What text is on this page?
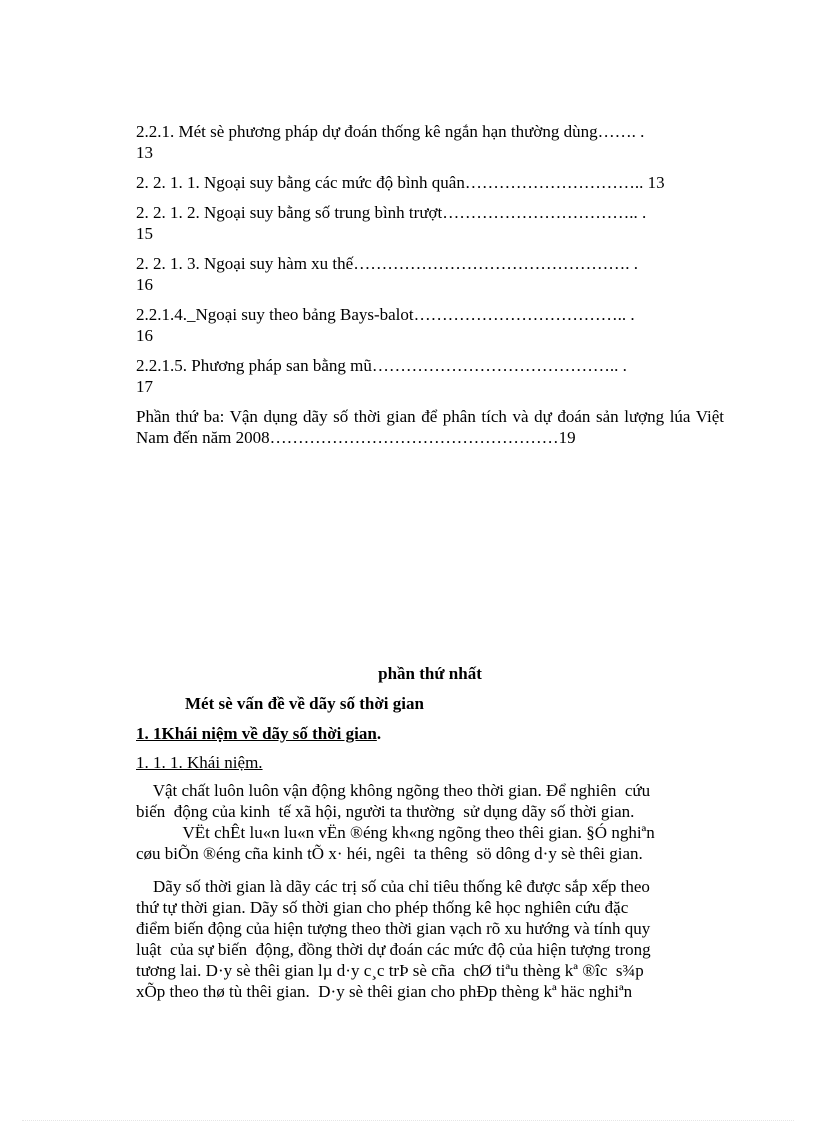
2.2.1. Mét sè phương pháp dự đoán thống kê ngắn hạn thường dùng……. .
13
2. 2. 1. 1. Ngoại suy bằng các mức độ bình quân………………………….. 13
2. 2. 1. 2. Ngoại suy bằng số trung bình trượt…………………………….. .
15
2. 2. 1. 3. Ngoại suy hàm xu thế…………………………………………. .
16
2.2.1.4._Ngoại suy theo bảng Bays-balot……………………………….. .
16
2.2.1.5. Phương pháp san bằng mũ…………………………………….. .
17
Phần thứ ba: Vận dụng dãy số thời gian để phân tích và dự đoán sản lượng lúa Việt Nam đến năm 2008……………………………………………19
phần thứ nhất
Mét sè vấn đề về dãy số thời gian
1. 1Khái niệm về dãy số thời gian.
1. 1. 1. Khái niệm.
Vật chất luôn luôn vận động không ngõng theo thời gian. Để nghiên  cứu
biến  động của kinh  tế xã hội, người ta thường  sử dụng dãy số thời gian.
VËt chÊt lu«n lu«n vËn ®éng kh«ng ngõng theo thêi gian. §Ó nghiªn
cøu biÕn ®éng cña kinh tÕ x· héi, ngêi  ta thêng  sö dông d·y sè thêi gian.
Dãy số thời gian là dãy các trị số của chỉ tiêu thống kê được sắp xếp theo
thứ tự thời gian. Dãy số thời gian cho phép thống kê học nghiên cứu đặc
điểm biến động của hiện tượng theo thời gian vạch rõ xu hướng và tính quy
luật  của sự biến  động, đồng thời dự đoán các mức độ của hiện tượng trong
tương lai. D·y sè thêi gian lµ d·y c¸c trÞ sè cña  chØ tiªu thèng kª ®îc  s¾p
xÕp theo thø tù thêi gian.  D·y sè thêi gian cho phÐp thèng kª häc nghiªn
